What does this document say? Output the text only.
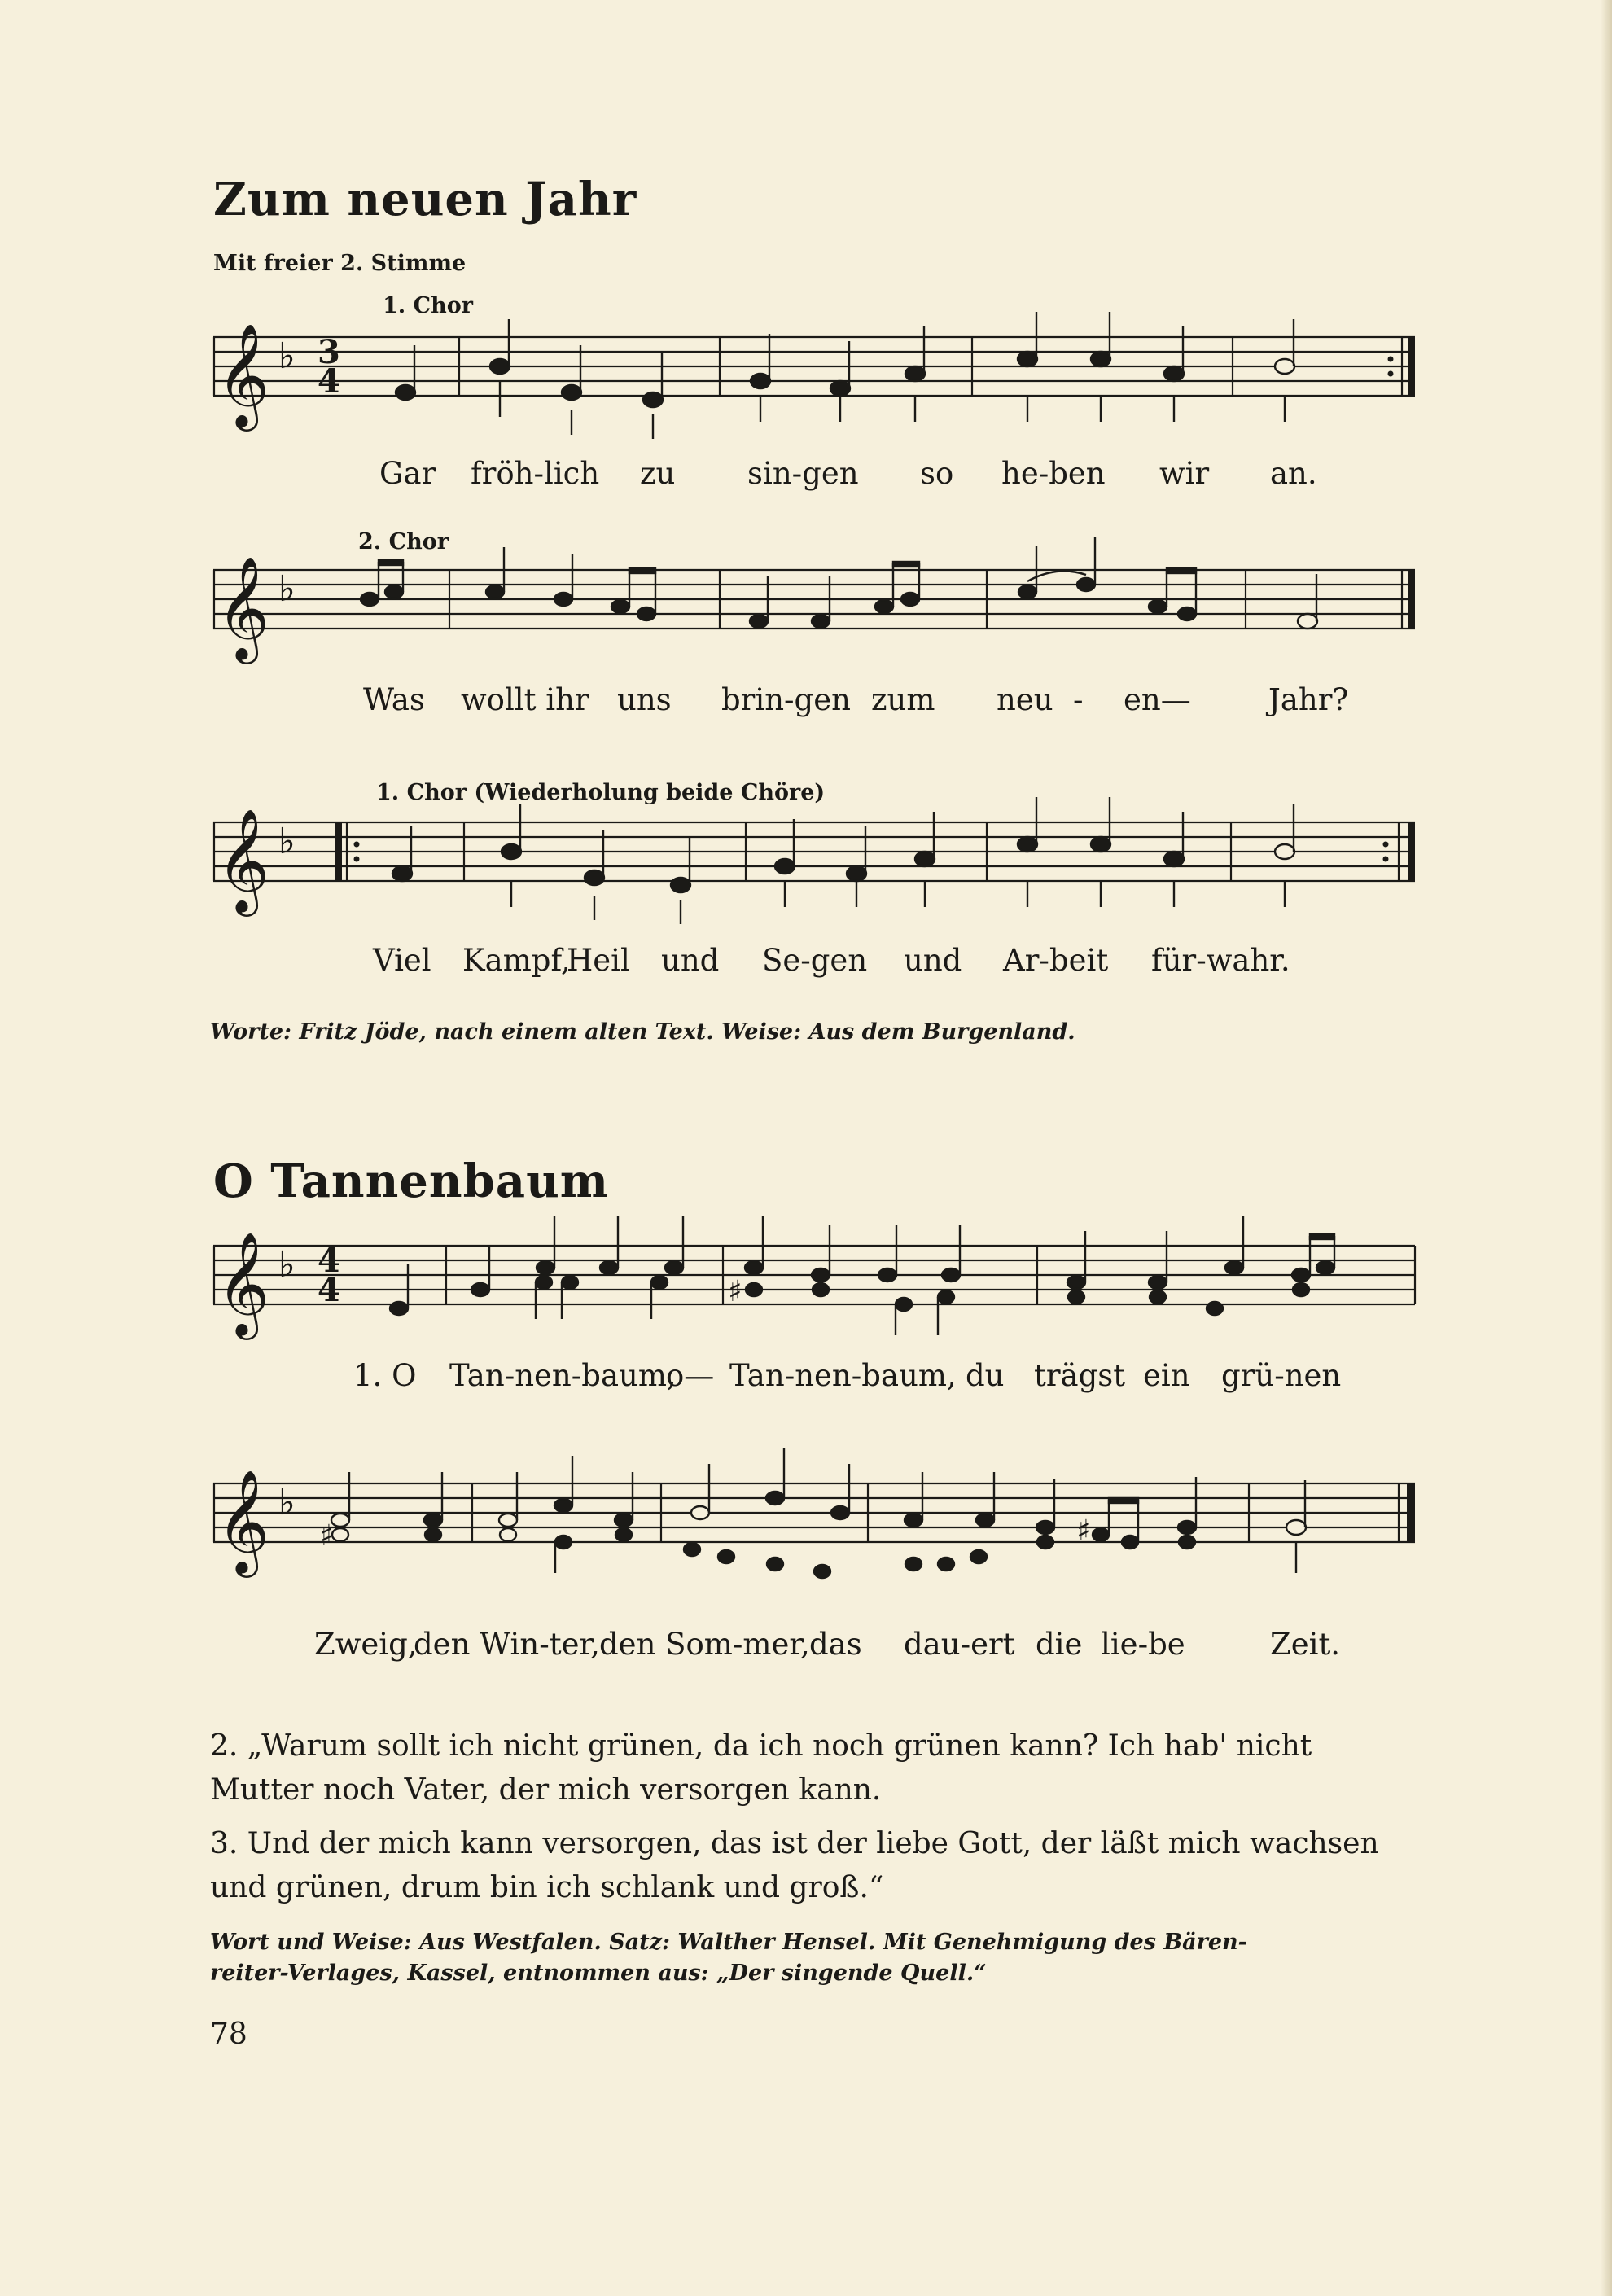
Zum neuen Jahr
Mit freier 2. Stimme
1. Chor
𝄞 ♭ 3
4
Gar fröh-lich zu sin-gen so he-ben wir an.
2. Chor
𝄞 ♭
Was wollt ihr uns brin-gen zum neu - en—	Jahr?
1. Chor (Wiederholung beide Chöre)
𝄞 ♭
Viel Kampf,
Heil und Se-gen und Ar-beit für-wahr.
Worte: Fritz Jöde, nach einem alten Text. Weise: Aus dem Burgenland.
O Tannenbaum
𝄞 ♭ 4
4	♯
1. O Tan-nen-baum,
o— Tan-nen-baum, du trägst ein grü-nen
𝄞 ♭
♯	♯
Zweig,
den Win-ter, den Som-mer, das dau-ert die lie-be	Zeit.
2. „Warum sollt ich nicht grünen, da ich noch grünen kann? Ich hab' nicht Mutter noch Vater, der mich versorgen kann.
3. Und der mich kann versorgen, das ist der liebe Gott, der läßt mich wachsen und grünen, drum bin ich schlank und groß.“
Wort und Weise: Aus Westfalen. Satz: Walther Hensel. Mit Genehmigung des Bären-
reiter-Verlages, Kassel, entnommen aus: „Der singende Quell.“
78
